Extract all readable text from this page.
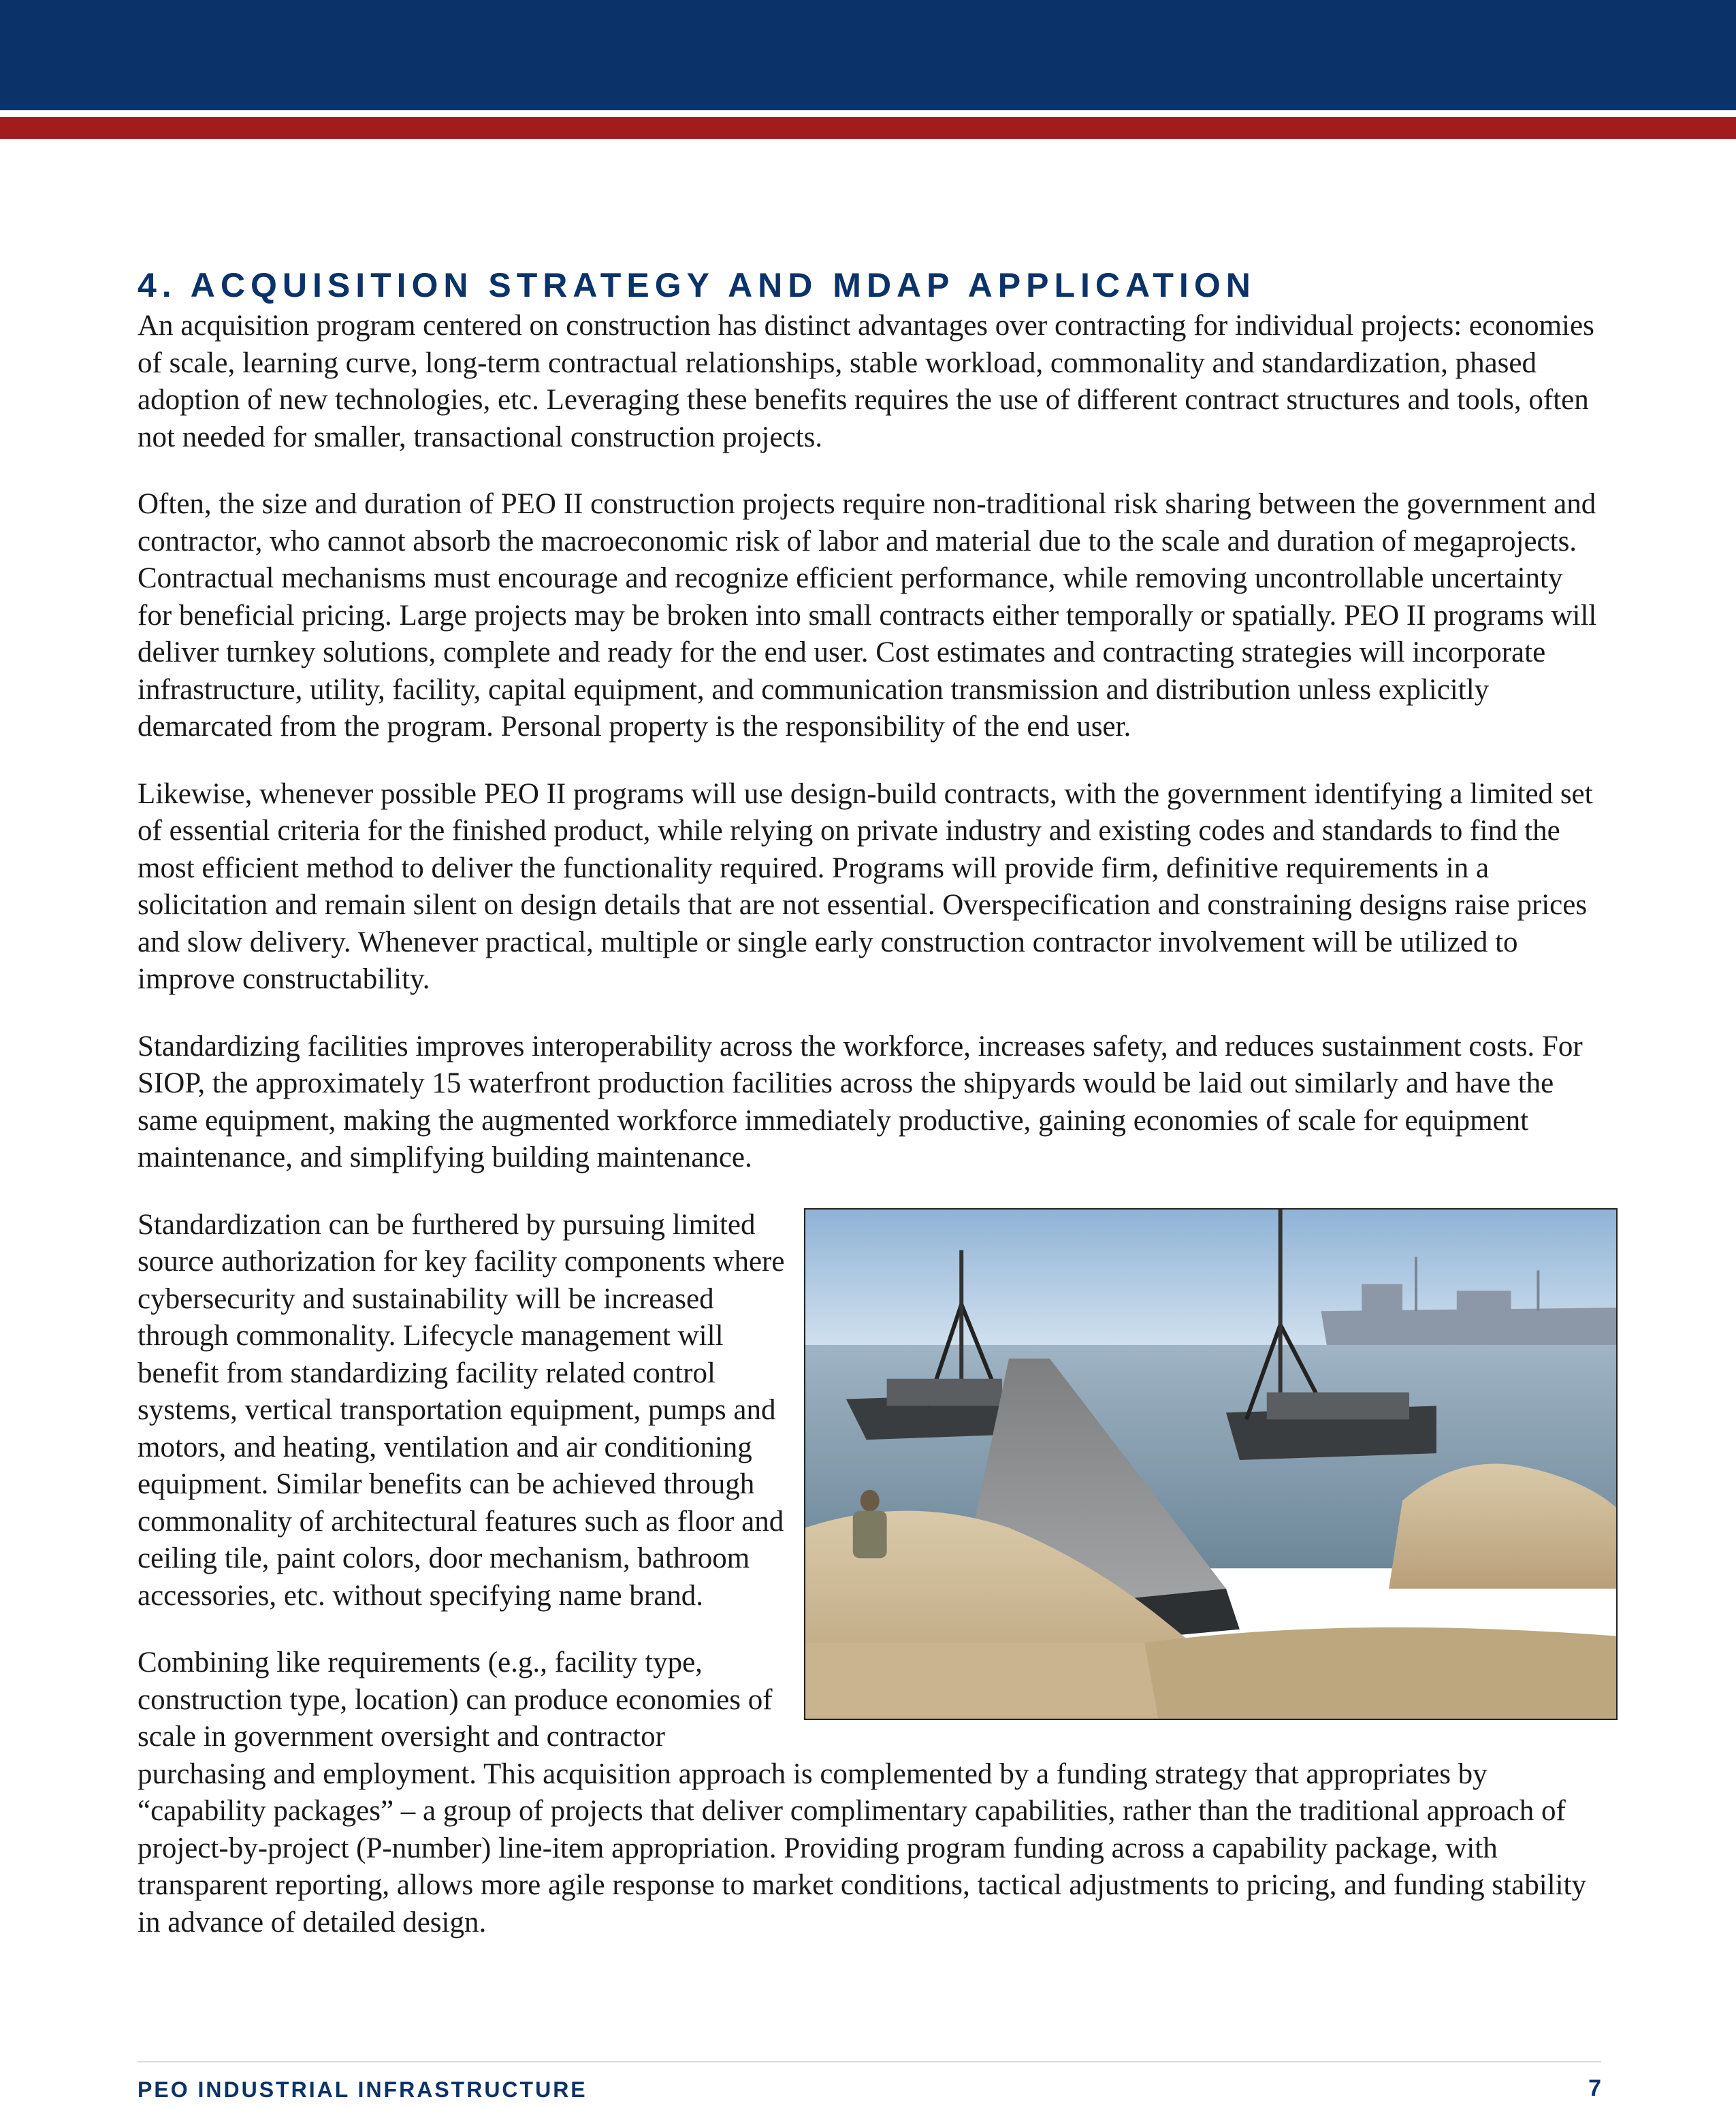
4. ACQUISITION STRATEGY AND MDAP APPLICATION

An acquisition program centered on construction has distinct advantages over contracting for individual projects: economies of scale, learning curve, long-term contractual relationships, stable workload, commonality and standardization, phased adoption of new technologies, etc. Leveraging these benefits requires the use of different contract structures and tools, often not needed for smaller, transactional construction projects.

Often, the size and duration of PEO II construction projects require non-traditional risk sharing between the government and contractor, who cannot absorb the macroeconomic risk of labor and material due to the scale and duration of megaprojects. Contractual mechanisms must encourage and recognize efficient performance, while removing uncontrollable uncertainty for beneficial pricing. Large projects may be broken into small contracts either temporally or spatially. PEO II programs will deliver turnkey solutions, complete and ready for the end user. Cost estimates and contracting strategies will incorporate infrastructure, utility, facility, capital equipment, and communication transmission and distribution unless explicitly demarcated from the program. Personal property is the responsibility of the end user.

Likewise, whenever possible PEO II programs will use design-build contracts, with the government identifying a limited set of essential criteria for the finished product, while relying on private industry and existing codes and standards to find the most efficient method to deliver the functionality required. Programs will provide firm, definitive requirements in a solicitation and remain silent on design details that are not essential. Overspecification and constraining designs raise prices and slow delivery. Whenever practical, multiple or single early construction contractor involvement will be utilized to improve constructability.

Standardizing facilities improves interoperability across the workforce, increases safety, and reduces sustainment costs. For SIOP, the approximately 15 waterfront production facilities across the shipyards would be laid out similarly and have the same equipment, making the augmented workforce immediately productive, gaining economies of scale for equipment maintenance, and simplifying building maintenance.

Standardization can be furthered by pursuing limited source authorization for key facility components where cybersecurity and sustainability will be increased through commonality. Lifecycle management will benefit from standardizing facility related control systems, vertical transportation equipment, pumps and motors, and heating, ventilation and air conditioning equipment. Similar benefits can be achieved through commonality of architectural features such as floor and ceiling tile, paint colors, door mechanism, bathroom accessories, etc. without specifying name brand.

Combining like requirements (e.g., facility type, construction type, location) can produce economies of scale in government oversight and contractor purchasing and employment. This acquisition approach is complemented by a funding strategy that appropriates by “capability packages” – a group of projects that deliver complimentary capabilities, rather than the traditional approach of project-by-project (P-number) line-item appropriation. Providing program funding across a capability package, with transparent reporting, allows more agile response to market conditions, tactical adjustments to pricing, and funding stability in advance of detailed design.

PEO INDUSTRIAL INFRASTRUCTURE	7
